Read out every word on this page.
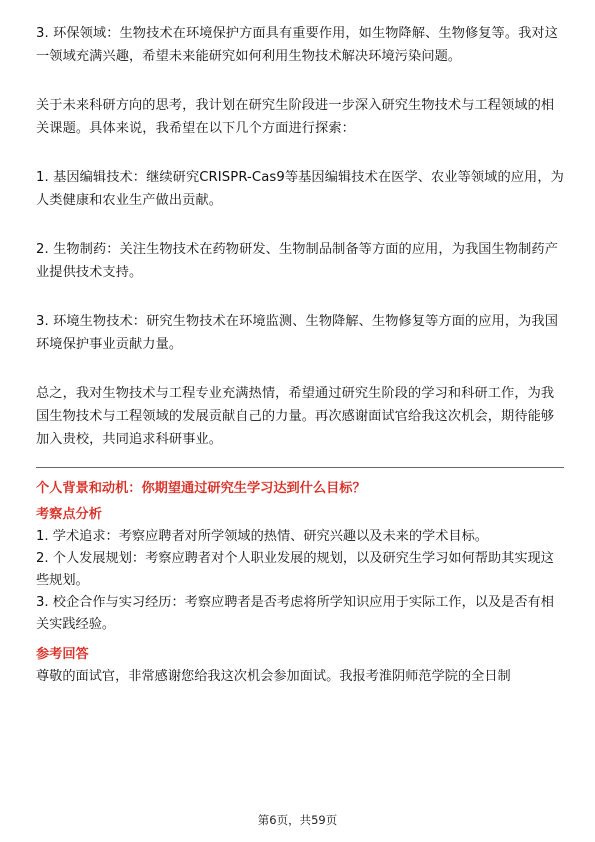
3. 环保领域：生物技术在环境保护方面具有重要作用，如生物降解、生物修复等。我对这一领域充满兴趣，希望未来能研究如何利用生物技术解决环境污染问题。

关于未来科研方向的思考，我计划在研究生阶段进一步深入研究生物技术与工程领域的相关课题。具体来说，我希望在以下几个方面进行探索：

1. 基因编辑技术：继续研究CRISPR-Cas9等基因编辑技术在医学、农业等领域的应用，为人类健康和农业生产做出贡献。

2. 生物制药：关注生物技术在药物研发、生物制品制备等方面的应用，为我国生物制药产业提供技术支持。

3. 环境生物技术：研究生物技术在环境监测、生物降解、生物修复等方面的应用，为我国环境保护事业贡献力量。

总之，我对生物技术与工程专业充满热情，希望通过研究生阶段的学习和科研工作，为我国生物技术与工程领域的发展贡献自己的力量。再次感谢面试官给我这次机会，期待能够加入贵校，共同追求科研事业。

个人背景和动机：你期望通过研究生学习达到什么目标？

考察点分析

1. 学术追求：考察应聘者对所学领域的热情、研究兴趣以及未来的学术目标。

2. 个人发展规划：考察应聘者对个人职业发展的规划，以及研究生学习如何帮助其实现这些规划。

3. 校企合作与实习经历：考察应聘者是否考虑将所学知识应用于实际工作，以及是否有相关实践经验。

参考回答

尊敬的面试官，非常感谢您给我这次机会参加面试。我报考淮阴师范学院的全日制

第6页，共59页
